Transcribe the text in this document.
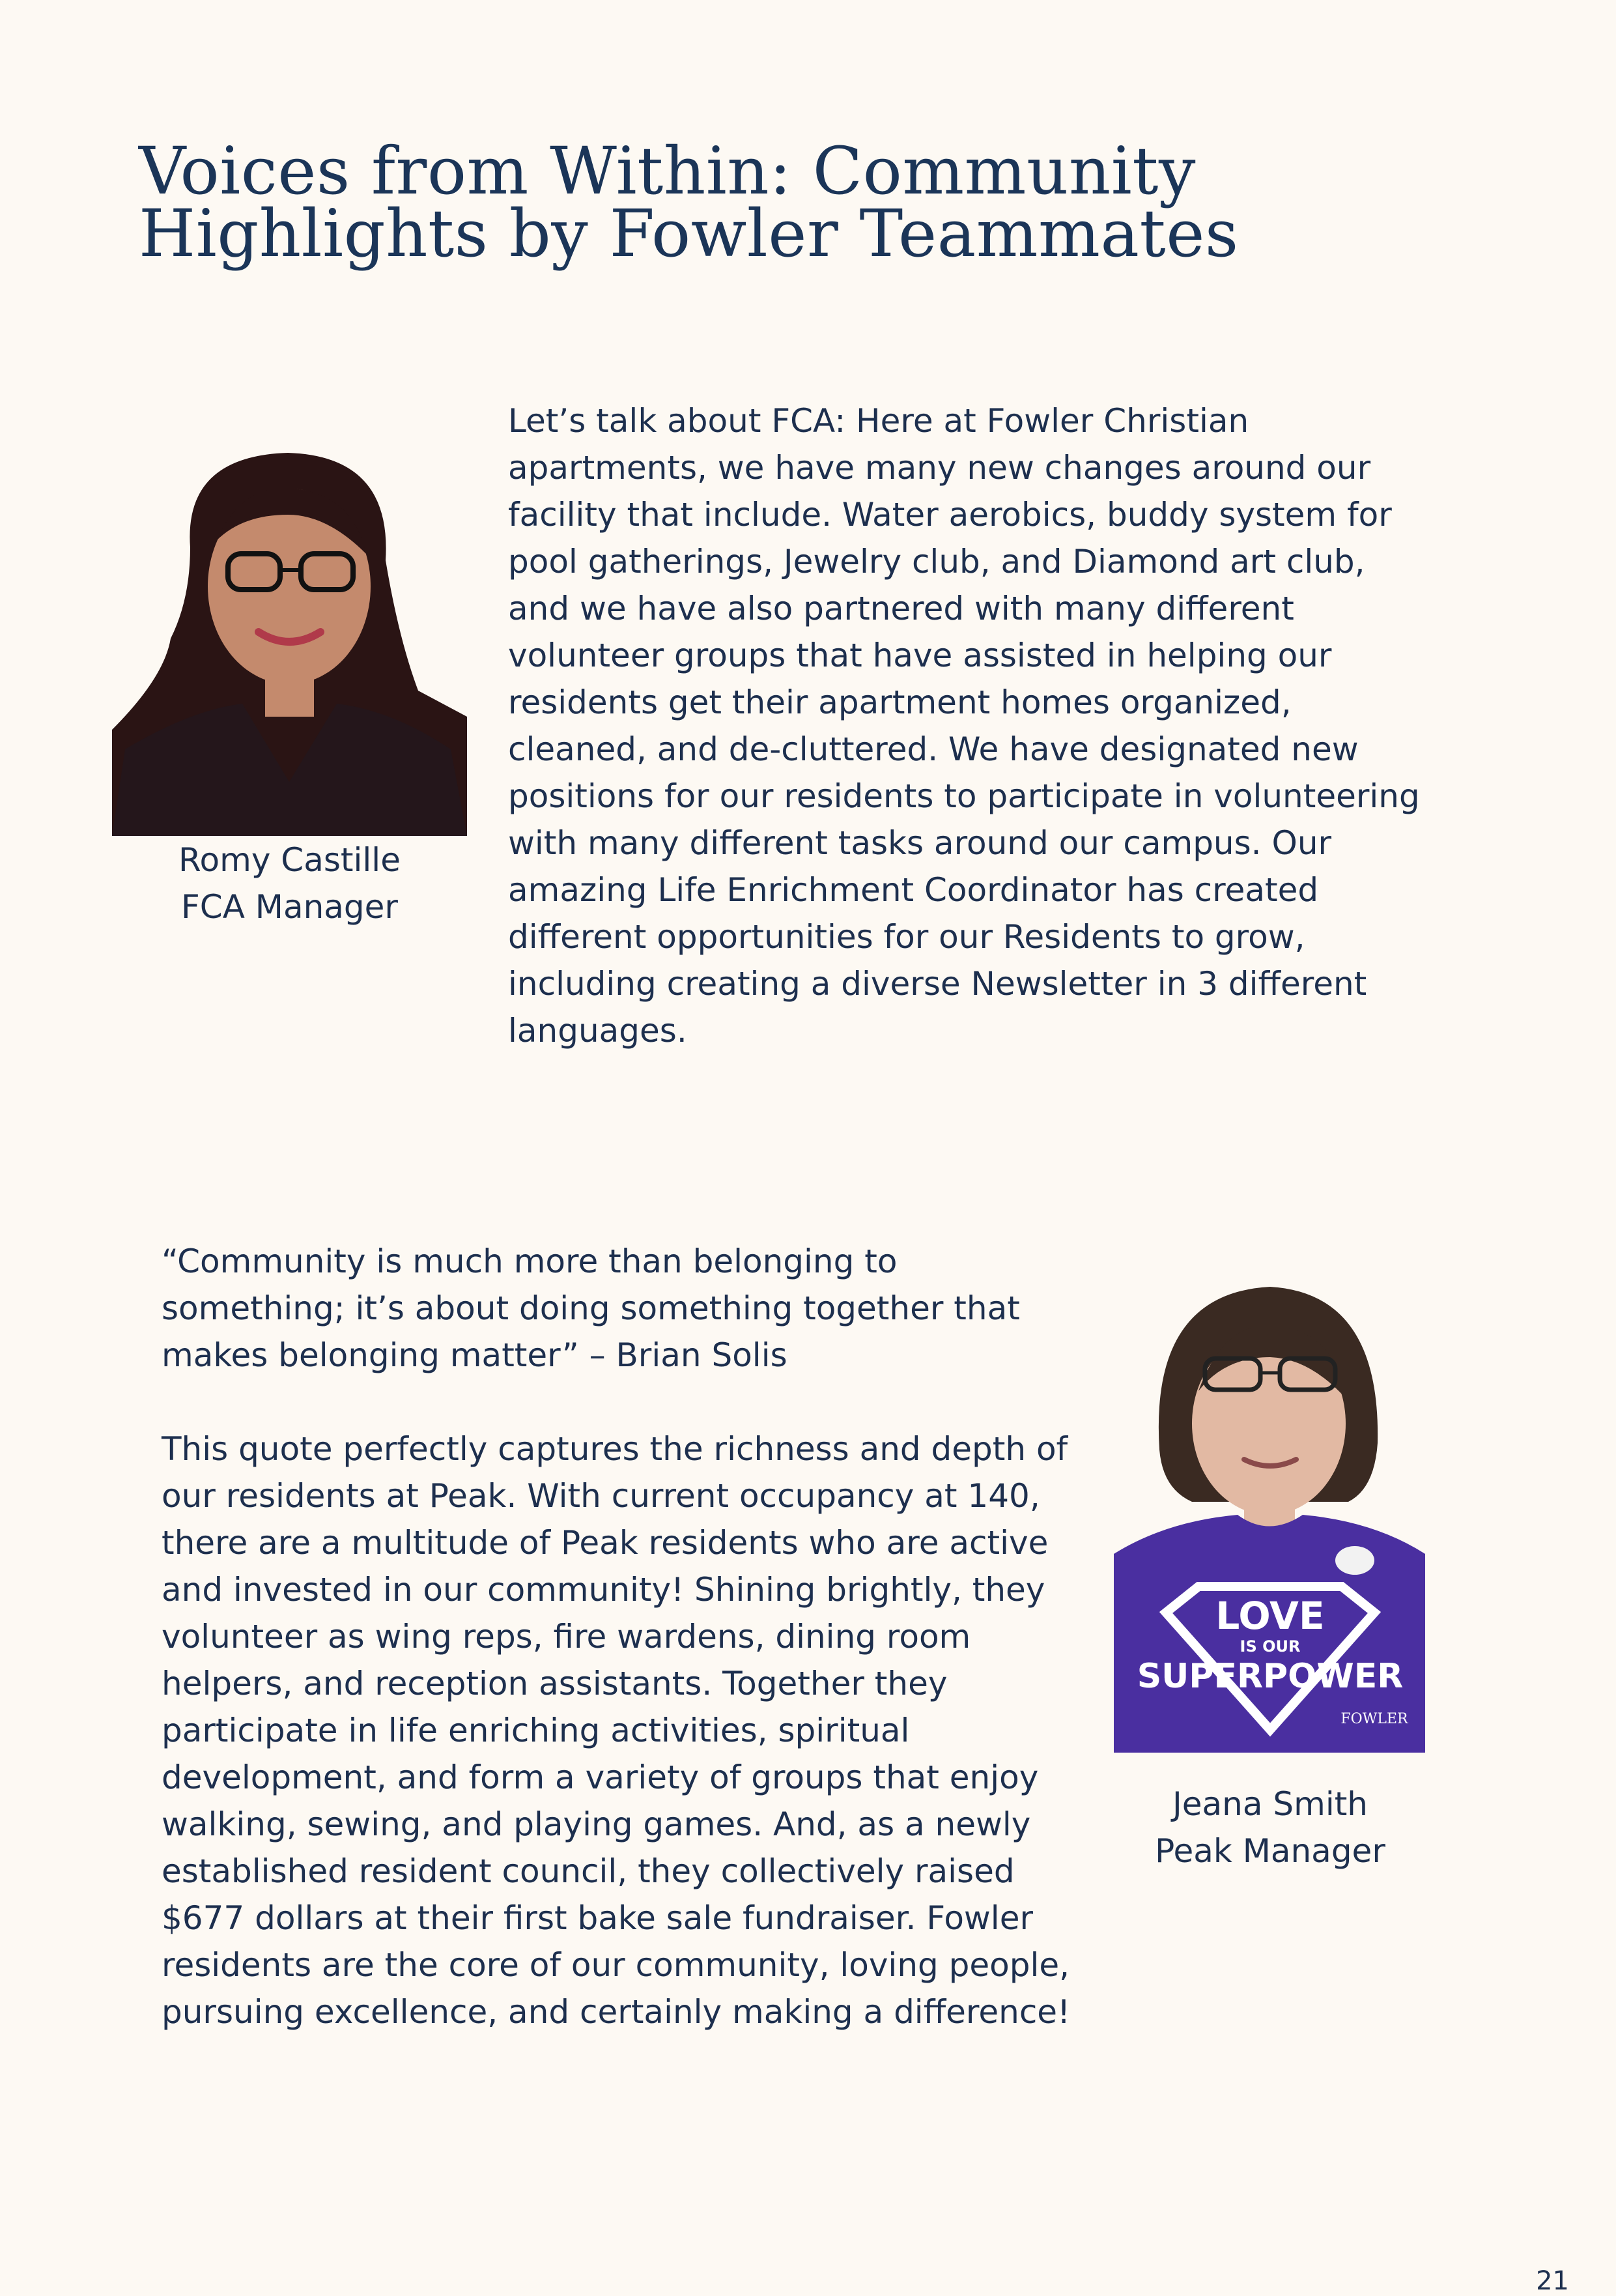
Voices from Within: Community
Highlights by Fowler Teammates
Romy Castille
FCA Manager
Let’s talk about FCA: Here at Fowler Christian
apartments, we have many new changes around our
facility that include. Water aerobics, buddy system for
pool gatherings, Jewelry club, and Diamond art club,
and we have also partnered with many different
volunteer groups that have assisted in helping our
residents get their apartment homes organized,
cleaned, and de-cluttered. We have designated new
positions for our residents to participate in volunteering
with many different tasks around our campus. Our
amazing Life Enrichment Coordinator has created
different opportunities for our Residents to grow,
including creating a diverse Newsletter in 3 different
languages.
“Community is much more than belonging to
something; it’s about doing something together that
makes belonging matter” – Brian Solis
This quote perfectly captures the richness and depth of
our residents at Peak. With current occupancy at 140,
there are a multitude of Peak residents who are active
and invested in our community! Shining brightly, they
volunteer as wing reps, fire wardens, dining room
helpers, and reception assistants. Together they
participate in life enriching activities, spiritual
development, and form a variety of groups that enjoy
walking, sewing, and playing games. And, as a newly
established resident council, they collectively raised
$677 dollars at their first bake sale fundraiser. Fowler
residents are the core of our community, loving people,
pursuing excellence, and certainly making a difference!
LOVE
IS OUR
SUPERPOWER
FOWLER
Jeana Smith
Peak Manager
21
